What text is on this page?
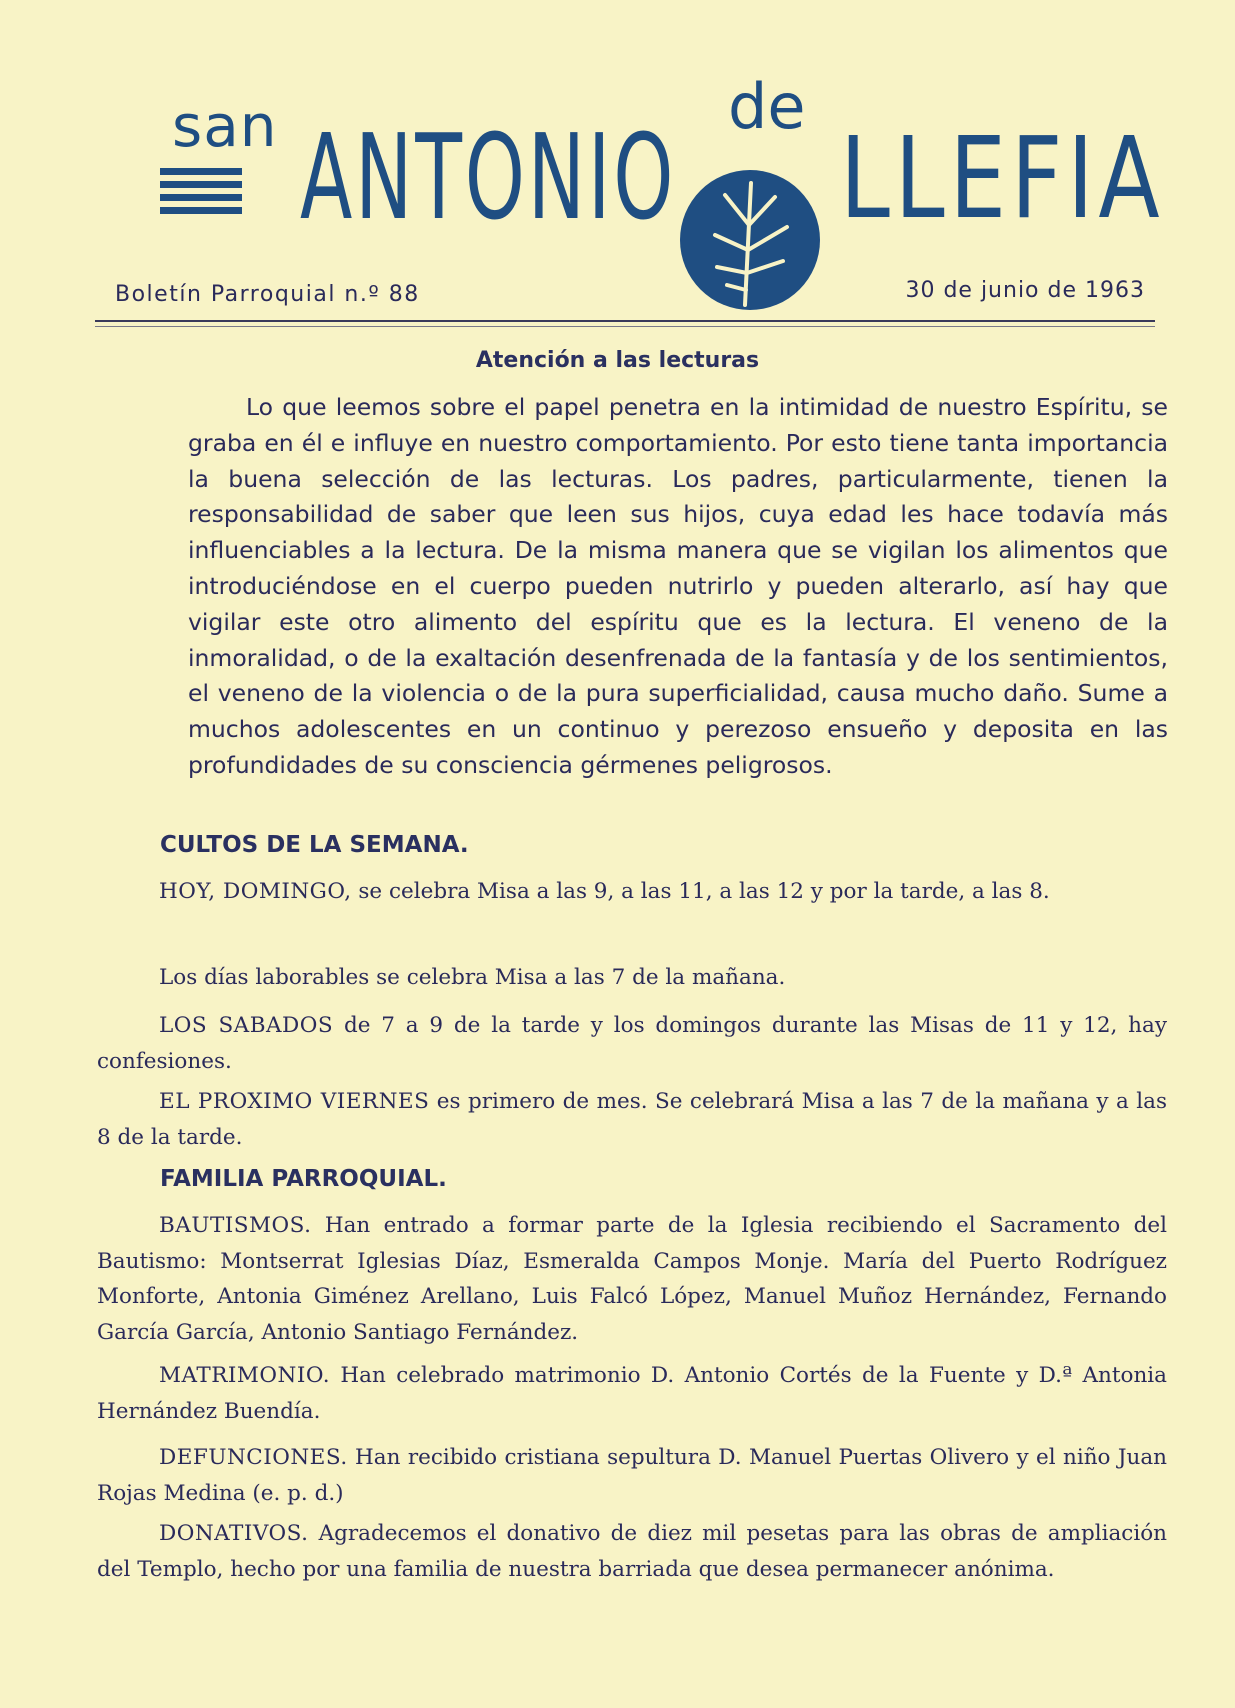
san ANTONIO
de
LLEFIA
Boletín Parroquial n.º 88	30 de junio de 1963
Atención a las lecturas
Lo que leemos sobre el papel penetra en la intimidad de nuestro Espíritu, se graba en él e influye en nuestro comportamiento. Por esto tiene tanta importancia la buena selección de las lecturas. Los padres, particularmente, tienen la responsabilidad de saber que leen sus hijos, cuya edad les hace todavía más influenciables a la lectura. De la misma manera que se vigilan los alimentos que introduciéndose en el cuerpo pueden nutrirlo y pueden alterarlo, así hay que vigilar este otro alimento del espíritu que es la lectura. El veneno de la inmoralidad, o de la exaltación desenfrenada de la fantasía y de los sentimientos, el veneno de la violencia o de la pura superficialidad, causa mucho daño. Sume a muchos adolescentes en un continuo y perezoso ensueño y deposita en las profundidades de su consciencia gérmenes peligrosos.
CULTOS DE LA SEMANA.
HOY, DOMINGO, se celebra Misa a las 9, a las 11, a las 12 y por la tarde, a las 8.
Los días laborables se celebra Misa a las 7 de la mañana.
LOS SABADOS de 7 a 9 de la tarde y los domingos durante las Misas de 11 y 12, hay confesiones.
EL PROXIMO VIERNES es primero de mes. Se celebrará Misa a las 7 de la mañana y a las 8 de la tarde.
FAMILIA PARROQUIAL.
BAUTISMOS. Han entrado a formar parte de la Iglesia recibiendo el Sacramento del Bautismo: Montserrat Iglesias Díaz, Esmeralda Campos Monje. María del Puerto Rodríguez Monforte, Antonia Giménez Arellano, Luis Falcó López, Manuel Muñoz Hernández, Fernando García García, Antonio Santiago Fernández.
MATRIMONIO. Han celebrado matrimonio D. Antonio Cortés de la Fuente y D.ª Antonia Hernández Buendía.
DEFUNCIONES. Han recibido cristiana sepultura D. Manuel Puertas Olivero y el niño Juan Rojas Medina (e. p. d.)
DONATIVOS. Agradecemos el donativo de diez mil pesetas para las obras de ampliación del Templo, hecho por una familia de nuestra barriada que desea permanecer anónima.
